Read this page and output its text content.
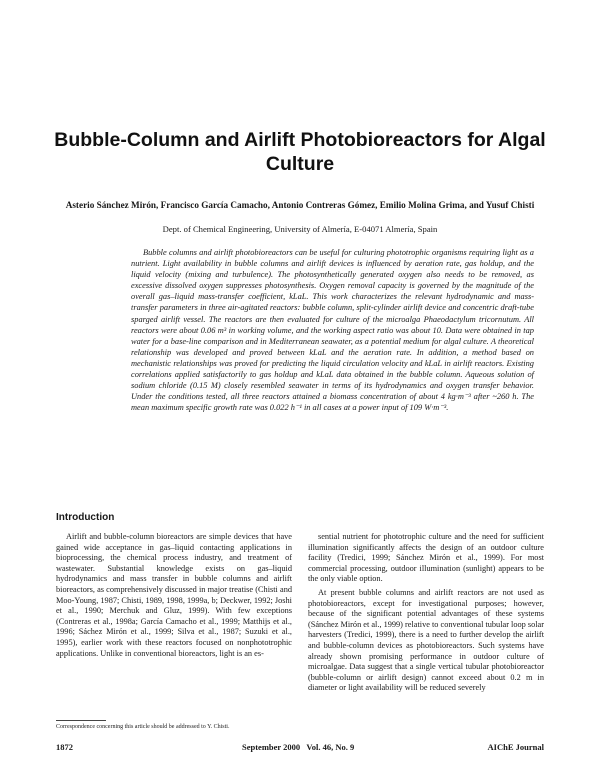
Bubble-Column and Airlift Photobioreactors for Algal Culture
Asterio Sánchez Mirón, Francisco García Camacho, Antonio Contreras Gómez, Emilio Molina Grima, and Yusuf Chisti
Dept. of Chemical Engineering, University of Almería, E-04071 Almería, Spain

Bubble columns and airlift photobioreactors can be useful for culturing phototrophic organisms requiring light as a nutrient. Light availability in bubble columns and airlift devices is influenced by aeration rate, gas holdup, and the liquid velocity (mixing and turbulence). The photosynthetically generated oxygen also needs to be removed, as excessive dissolved oxygen suppresses photosynthesis. Oxygen removal capacity is governed by the magnitude of the overall gas–liquid mass-transfer coefficient, kLaL. This work characterizes the relevant hydrodynamic and mass-transfer parameters in three air-agitated reactors: bubble column, split-cylinder airlift device and concentric draft-tube sparged airlift vessel. The reactors are then evaluated for culture of the microalga Phaeodactylum tricornutum. All reactors were about 0.06 m³ in working volume, and the working aspect ratio was about 10. Data were obtained in tap water for a base-line comparison and in Mediterranean seawater, as a potential medium for algal culture. A theoretical relationship was developed and proved between kLaL and the aeration rate. In addition, a method based on mechanistic relationships was proved for predicting the liquid circulation velocity and kLaL in airlift reactors. Existing correlations applied satisfactorily to gas holdup and kLaL data obtained in the bubble column. Aqueous solution of sodium chloride (0.15 M) closely resembled seawater in terms of its hydrodynamics and oxygen transfer behavior. Under the conditions tested, all three reactors attained a biomass concentration of about 4 kg·m⁻³ after ~260 h. The mean maximum specific growth rate was 0.022 h⁻¹ in all cases at a power input of 109 W·m⁻³.

Introduction

Airlift and bubble-column bioreactors are simple devices that have gained wide acceptance in gas–liquid contacting applications in bioprocessing, the chemical process industry, and treatment of wastewater. Substantial knowledge exists on gas–liquid hydrodynamics and mass transfer in bubble columns and airlift bioreactors, as comprehensively discussed in major treatise (Chisti and Moo-Young, 1987; Chisti, 1989, 1998, 1999a, b; Deckwer, 1992; Joshi et al., 1990; Merchuk and Gluz, 1999). With few exceptions (Contreras et al., 1998a; García Camacho et al., 1999; Matthijs et al., 1996; Sáchez Mirón et al., 1999; Silva et al., 1987; Suzuki et al., 1995), earlier work with these reactors focused on nonphototrophic applications. Unlike in conventional bioreactors, light is an es-

sential nutrient for phototrophic culture and the need for sufficient illumination significantly affects the design of an outdoor culture facility (Tredici, 1999; Sánchez Mirón et al., 1999). For most commercial processing, outdoor illumination (sunlight) appears to be the only viable option.

At present bubble columns and airlift reactors are not used as photobioreactors, except for investigational purposes; however, because of the significant potential advantages of these systems (Sánchez Mirón et al., 1999) relative to conventional tubular loop solar harvesters (Tredici, 1999), there is a need to further develop the airlift and bubble-column devices as photobioreactors. Such systems have already shown promising performance in outdoor culture of microalgae. Data suggest that a single vertical tubular photobioreactor (bubble-column or airlift design) cannot exceed about 0.2 m in diameter or light availability will be reduced severely

Correspondence concerning this article should be addressed to Y. Chisti.
1872	September 2000   Vol. 46, No. 9	AIChE Journal
